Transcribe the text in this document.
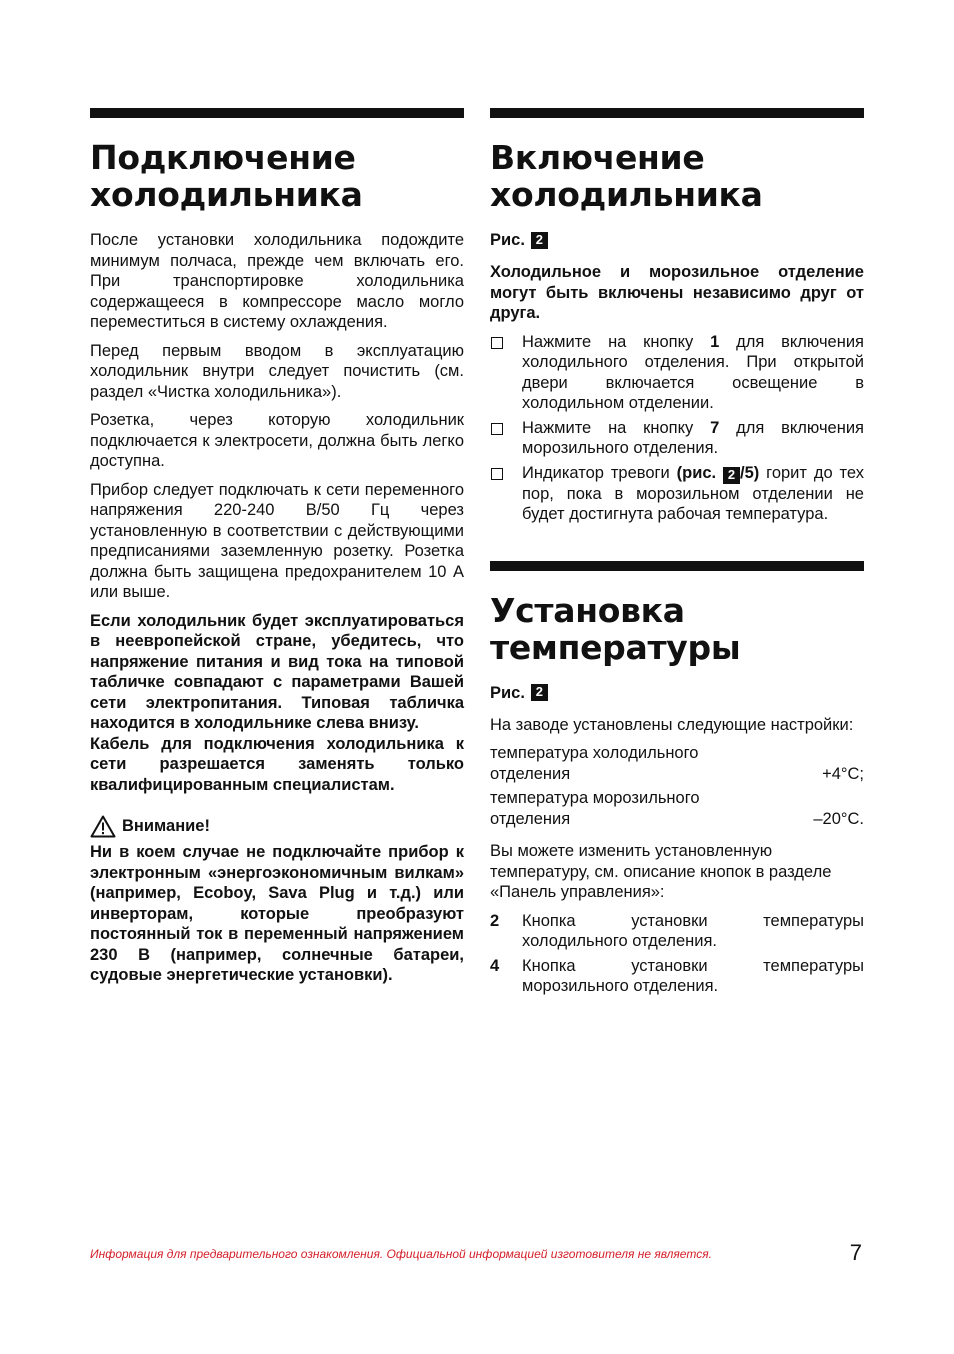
Подключение
холодильника

После установки холодильника подождите минимум полчаса, прежде чем включать его. При транспортировке холодильника содержащееся в компрессоре масло могло переместиться в систему охлаждения.

Перед первым вводом в эксплуатацию холодильник внутри следует почистить (см. раздел «Чистка холодильника»).

Розетка, через которую холодильник подключается к электросети, должна быть легко доступна.

Прибор следует подключать к сети переменного напряжения 220-240 В/50 Гц через установленную в соответствии с действующими предписаниями заземленную розетку. Розетка должна быть защищена предохранителем 10 А или выше.

Если холодильник будет эксплуатироваться в неевропейской стране, убедитесь, что напряжение питания и вид тока на типовой табличке совпадают с параметрами Вашей сети электропитания. Типовая табличка находится в холодильнике слева внизу.

Кабель для подключения холодильника к сети разрешается заменять только квалифицированным специалистам.

Внимание!

Ни в коем случае не подключайте прибор к электронным «энергоэкономичным вилкам» (например, Ecoboy, Sava Plug и т.д.) или инверторам, которые преобразуют постоянный ток в переменный напряжением 230 В (например, солнечные батареи, судовые энергетические установки).

Включение
холодильника
Рис. 2

Холодильное и морозильное отделение могут быть включены независимо друг от друга.

Нажмите на кнопку 1 для включения холодильного отделения. При открытой двери включается освещение в холодильном отделении.
Нажмите на кнопку 7 для включения морозильного отделения.
Индикатор тревоги (рис. 2 /5) горит до тех пор, пока в морозильном отделении не будет достигнута рабочая температура.
Установка
температуры
Рис. 2

На заводе установлены следующие настройки:

температура холодильного отделения	+4°C;
температура морозильного отделения	–20°C.

Вы можете изменить установленную температуру, см. описание кнопок в разделе «Панель управления»:

2 Кнопка установки температуры холодильного отделения.
4 Кнопка установки температуры морозильного отделения.
Информация для предварительного ознакомления. Официальной информацией изготовителя не является.	7
